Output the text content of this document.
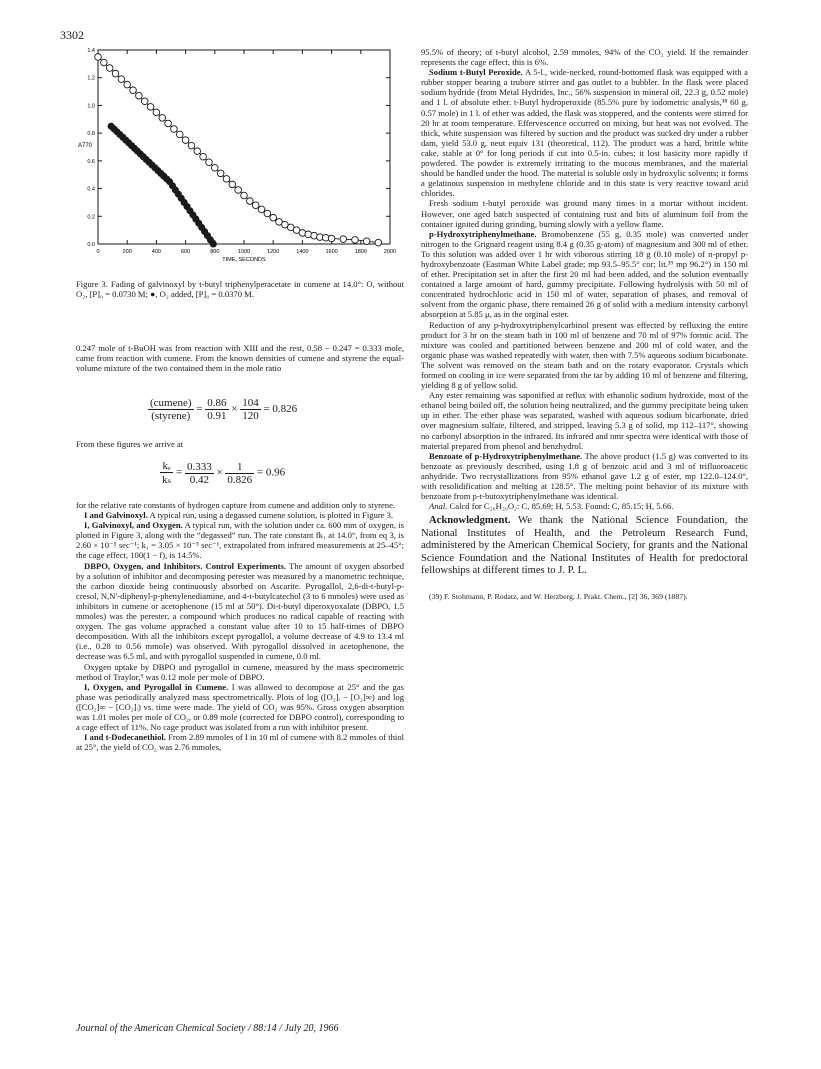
3302
0	200	400	600	800	1000	1200	1400	1600	1800	2000
0.0
0.2
0.4
0.6
0.8
1.0
1.2
1.4
TIME, SECONDS
A770

Figure 3. Fading of galvinoxyl by t-butyl triphenylperacetate in cumene at 14.0°: O, without O₂, [P]₀ = 0.0730 M; ●, O₂ added, [P]₀ = 0.0370 M.

0.247 mole of t-BuOH was from reaction with XIII and the rest, 0.58 − 0.247 = 0.333 mole, came from reaction with cumene. From the known densities of cumene and styrene the equal-volume mixture of the two contained them in the mole ratio

$\frac{\text{(cumene)}}{\text{(styrene)}} = \frac{0.86}{0.91} \times \frac{104}{120} = 0.826$

From these figures we arrive at

$\frac{\text{kₑ}}{\text{kₛ}} = \frac{0.333}{0.42} \times \frac{1}{0.826} = 0.96$

for the relative rate constants of hydrogen capture from cumene and addition only to styrene.

I and Galvinoxyl. A typical run, using a degassed cumene solution, is plotted in Figure 3.

I, Galvinoxyl, and Oxygen. A typical run, with the solution under ca. 600 mm of oxygen, is plotted in Figure 3, along with the “degassed” run. The rate constant fk₁ at 14.0°, from eq 3, is 2.60 × 10⁻⁵ sec⁻¹; k₁ = 3.05 × 10⁻⁵ sec⁻¹, extrapolated from infrared measurements at 25–45°; the cage effect, 100(1 − f), is 14.5%.

DBPO, Oxygen, and Inhibitors. Control Experiments. The amount of oxygen absorbed by a solution of inhibitor and decomposing perester was measured by a manometric technique, the carbon dioxide being continuously absorbed on Ascarite. Pyrogallol, 2,6-di-t-butyl-p-cresol, N,N′-diphenyl-p-phenylenediamine, and 4-t-butylcatechol (3 to 6 mmoles) were used as inhibitors in cumene or acetophenone (15 ml at 50°). Di-t-butyl diperoxyoxalate (DBPO, 1.5 mmoles) was the perester, a compound which produces no radical capable of reacting with oxygen. The gas volume apprached a constant value after 10 to 15 half-times of DBPO decomposition. With all the inhibitors except pyrogallol, a volume decrease of 4.9 to 13.4 ml (i.e., 0.28 to 0.56 mmole) was observed. With pyrogallol dissolved in acetophenone, the decrease was 6.5 ml, and with pyrogallol suspended in cumene, 0.0 ml.

Oxygen uptake by DBPO and pyrogallol in cumene, measured by the mass spectrometric method of Traylor,⁹ was 0.12 mole per mole of DBPO.

I, Oxygen, and Pyrogallol in Cumene. I was allowed to decompose at 25° and the gas phase was periodically analyzed mass spectrometrically. Plots of log ([O₂]ᵢ − [O₂]∞) and log ([CO₂]∞ − [CO₂]ᵢ) vs. time were made. The yield of CO₂ was 95%. Gross oxygen absorption was 1.01 moles per mole of CO₂, or 0.89 mole (corrected for DBPO control), corresponding to a cage effect of 11%. No cage product was isolated from a run with inhibitor present.

I and t-Dodecanethiol. From 2.89 mmoles of I in 10 ml of cumene with 8.2 mmoles of thiol at 25°, the yield of CO₂ was 2.76 mmoles,

95.5% of theory; of t-butyl alcohol, 2.59 mmoles, 94% of the CO₂ yield. If the remainder represents the cage effect, this is 6%.

Sodium t-Butyl Peroxide. A 5-l., wide-necked, round-bottomed flask was equipped with a rubber stopper bearing a trubore stirrer and gas outlet to a bubbler. In the flask were placed sodium hydride (from Metal Hydrides, Inc., 56% suspension in mineral oil, 22.3 g, 0.52 mole) and 1 l. of absolute ether. t-Butyl hydroperoxide (85.5% pure by iodometric analysis,³⁸ 60 g, 0.57 mole) in 1 l. of ether was added, the flask was stoppered, and the contents were stirred for 20 hr at room temperature. Effervescence occurred on mixing, but heat was not evolved. The thick, white suspension was filtered by suction and the product was sucked dry under a rubber dam, yield 53.0 g, neut equiv 131 (theoretical, 112). The product was a hard, brittle white cake, stable at 0° for long periods if cut into 0.5-in. cubes; it lost basicity more rapidly if powdered. The powder is extremely irritating to the mucous membranes, and the material should be handled under the hood. The material is soluble only in hydroxylic solvents; it forms a gelatinous suspension in methylene chloride and in this state is very reactive toward acid chlorides.

Fresh sodium t-butyl peroxide was ground many times in a mortar without incident. However, one aged batch suspected of containing rust and bits of aluminum foil from the container ignited during grinding, burning slowly with a yellow flame.

p-Hydroxytriphenylmethane. Bromobenzene (55 g, 0.35 mole) was converted under nitrogen to the Grignard reagent using 8.4 g (0.35 g-atom) of magnesium and 300 ml of ether. To this solution was added over 1 hr with viborous stirring 18 g (0.10 mole) of n-propyl p-hydroxybenzoate (Eastman White Label grade; mp 93.5–95.5° cor; lit.³⁹ mp 96.2°) in 150 ml of ether. Precipitation set in after the first 20 ml had been added, and the solution eventually contained a large amount of hard, gummy precipitate. Following hydrolysis with 50 ml of concentrated hydrochloric acid in 150 ml of water, separation of phases, and removal of solvent from the organic phase, there remained 26 g of solid with a medium intensity carbonyl absorption at 5.85 μ, as in the orginal ester.

Reduction of any p-hydroxytriphenylcarbinol present was effected by refluxing the entire product for 3 hr on the steam bath in 100 ml of benzene and 70 ml of 97% formic acid. The mixture was cooled and partitioned between benzene and 200 ml of cold water, and the organic phase was washed repeatedly with water, then with 7.5% aqueous sodium bicarbonate. The solvent was removed on the steam bath and on the rotary evaporator. Crystals which formed on cooling in ice were separated from the tar by adding 10 ml of benzene and filtering, yielding 8 g of yellow solid.

Any ester remaining was saponified at reflux with ethanolic sodium hydroxide, most of the ethanol being boiled off, the solution being neutralized, and the gummy precipitate being taken up in ether. The ether phase was separated, washed with aqueous sodium bicarbonate, dried over magnesium sulfate, filtered, and stripped, leaving 5.3 g of solid, mp 112–117°, showing no carbonyl absorption in the infrared. Its infrared and nmr spectra were identical with those of material prepared from phenol and benzhydrol.

Benzoate of p-Hydroxytriphenylmethane. The above product (1.5 g) was converted to its benzoate as previously described, using 1.8 g of benzoic acid and 3 ml of trifluoroacetic anhydride. Two recrystallizations from 95% ethanol gave 1.2 g of ester, mp 122.0–124.0°, with resolidification and melting at 128.5°. The melting point behavior of its mixture with benzoate from p-t-butoxytriphenylmethane was identical.

Anal. Calcd for C₂₆H₂₀O₂: C, 85.69; H, 5.53. Found: C, 85.15; H, 5.66.

Acknowledgment. We thank the National Science Foundation, the National Institutes of Health, and the Petroleum Research Fund, administered by the American Chemical Society, for grants and the National Science Foundation and the National Institutes of Health for predoctoral fellowships at different times to J. P. L.

(39) F. Stohmann, P. Rodatz, and W. Herzberg, J. Prakt. Chem., [2] 36, 369 (1887).

Journal of the American Chemical Society / 88:14 / July 20, 1966
